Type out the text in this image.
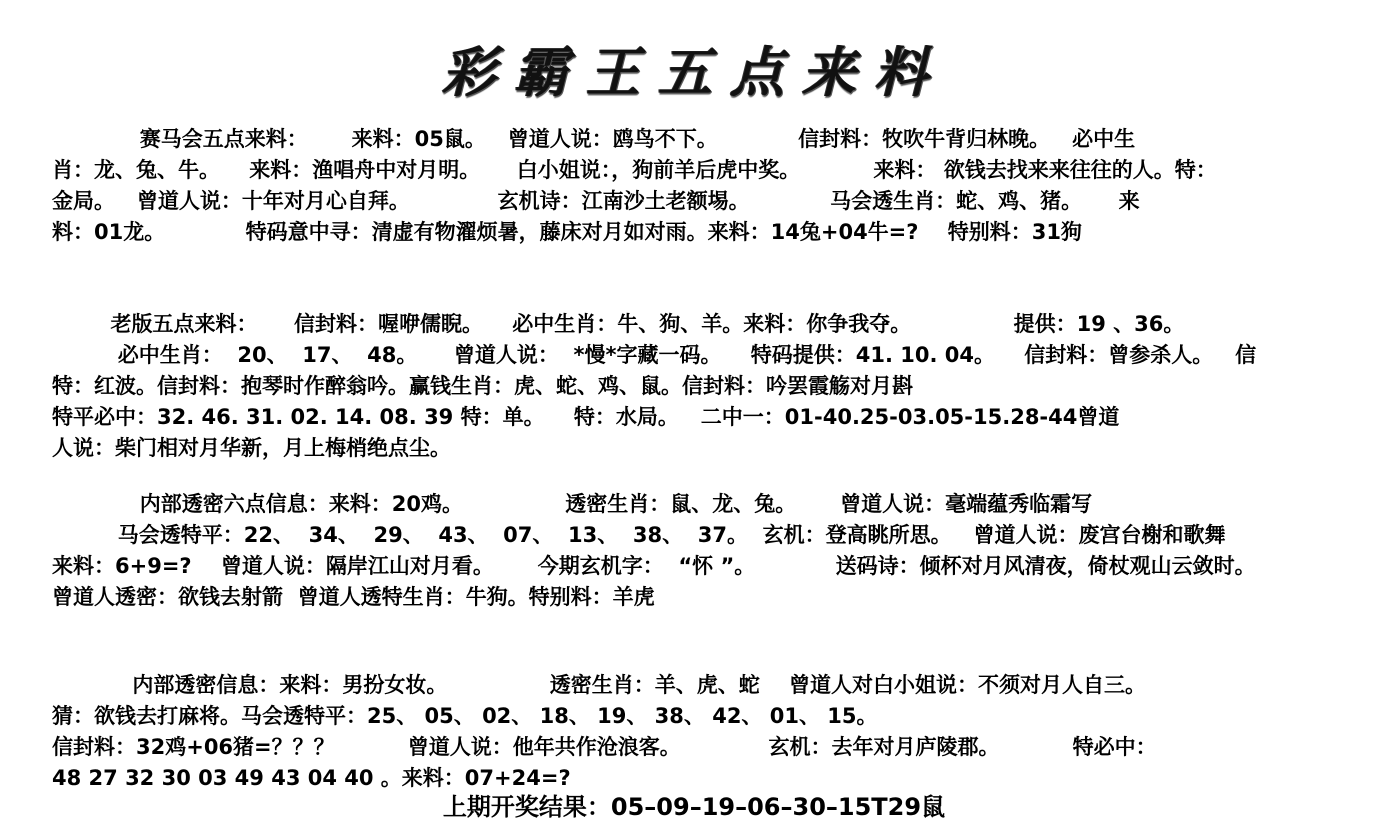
彩霸王五点来料
赛马会五点来料：      来料：05鼠。   曾道人说：鸥鸟不下。           信封料：牧吹牛背归林晚。   必中生
肖：龙、兔、牛。    来料：渔唱舟中对月明。     白小姐说：，狗前羊后虎中奖。          来料： 欲钱去找来来往往的人。特：
金局。   曾道人说：十年对月心自拜。            玄机诗：江南沙土老额埸。           马会透生肖：蛇、鸡、猪。     来
料：01龙。           特码意中寻：清虚有物濯烦暑，藤床对月如对雨。来料：14兔+04牛=?    特别料：31狗
老版五点来料：     信封料：喔咿儒睨。    必中生肖：牛、狗、羊。来料：你争我夺。              提供：19 、36。
必中生肖：  20、  17、  48。     曾道人说：  *慢*字藏一码。    特码提供：41. 10. 04。    信封料：曾参杀人。   信
特：红波。信封料：抱琴时作醉翁吟。赢钱生肖：虎、蛇、鸡、鼠。信封料：吟罢霞觞对月斟
特平必中：32. 46. 31. 02. 14. 08. 39 特：单。    特：水局。   二中一：01-40.25-03.05-15.28-44曾道
人说：柴门相对月华新，月上梅梢绝点尘。
内部透密六点信息：来料：20鸡。              透密生肖：鼠、龙、兔。      曾道人说：毫端蕴秀临霜写
马会透特平：22、  34、  29、  43、  07、  13、  38、  37。  玄机：登高眺所思。   曾道人说：废宫台榭和歌舞
来料：6+9=?    曾道人说：隔岸江山对月看。      今期玄机字：  “怀 ”。           送码诗：倾杯对月风清夜，倚杖观山云敛时。
曾道人透密：欲钱去射箭  曾道人透特生肖：牛狗。特别料：羊虎
内部透密信息：来料：男扮女妆。              透密生肖：羊、虎、蛇    曾道人对白小姐说：不须对月人自三。
猜：欲钱去打麻将。马会透特平：25、 05、 02、 18、 19、 38、 42、 01、 15。
信封料：32鸡+06猪=？？？          曾道人说：他年共作沧浪客。            玄机：去年对月庐陵郡。          特必中：
48 27 32 30 03 49 43 04 40 。来料：07+24=?
上期开奖结果：05–09–19–06–30–15T29鼠
